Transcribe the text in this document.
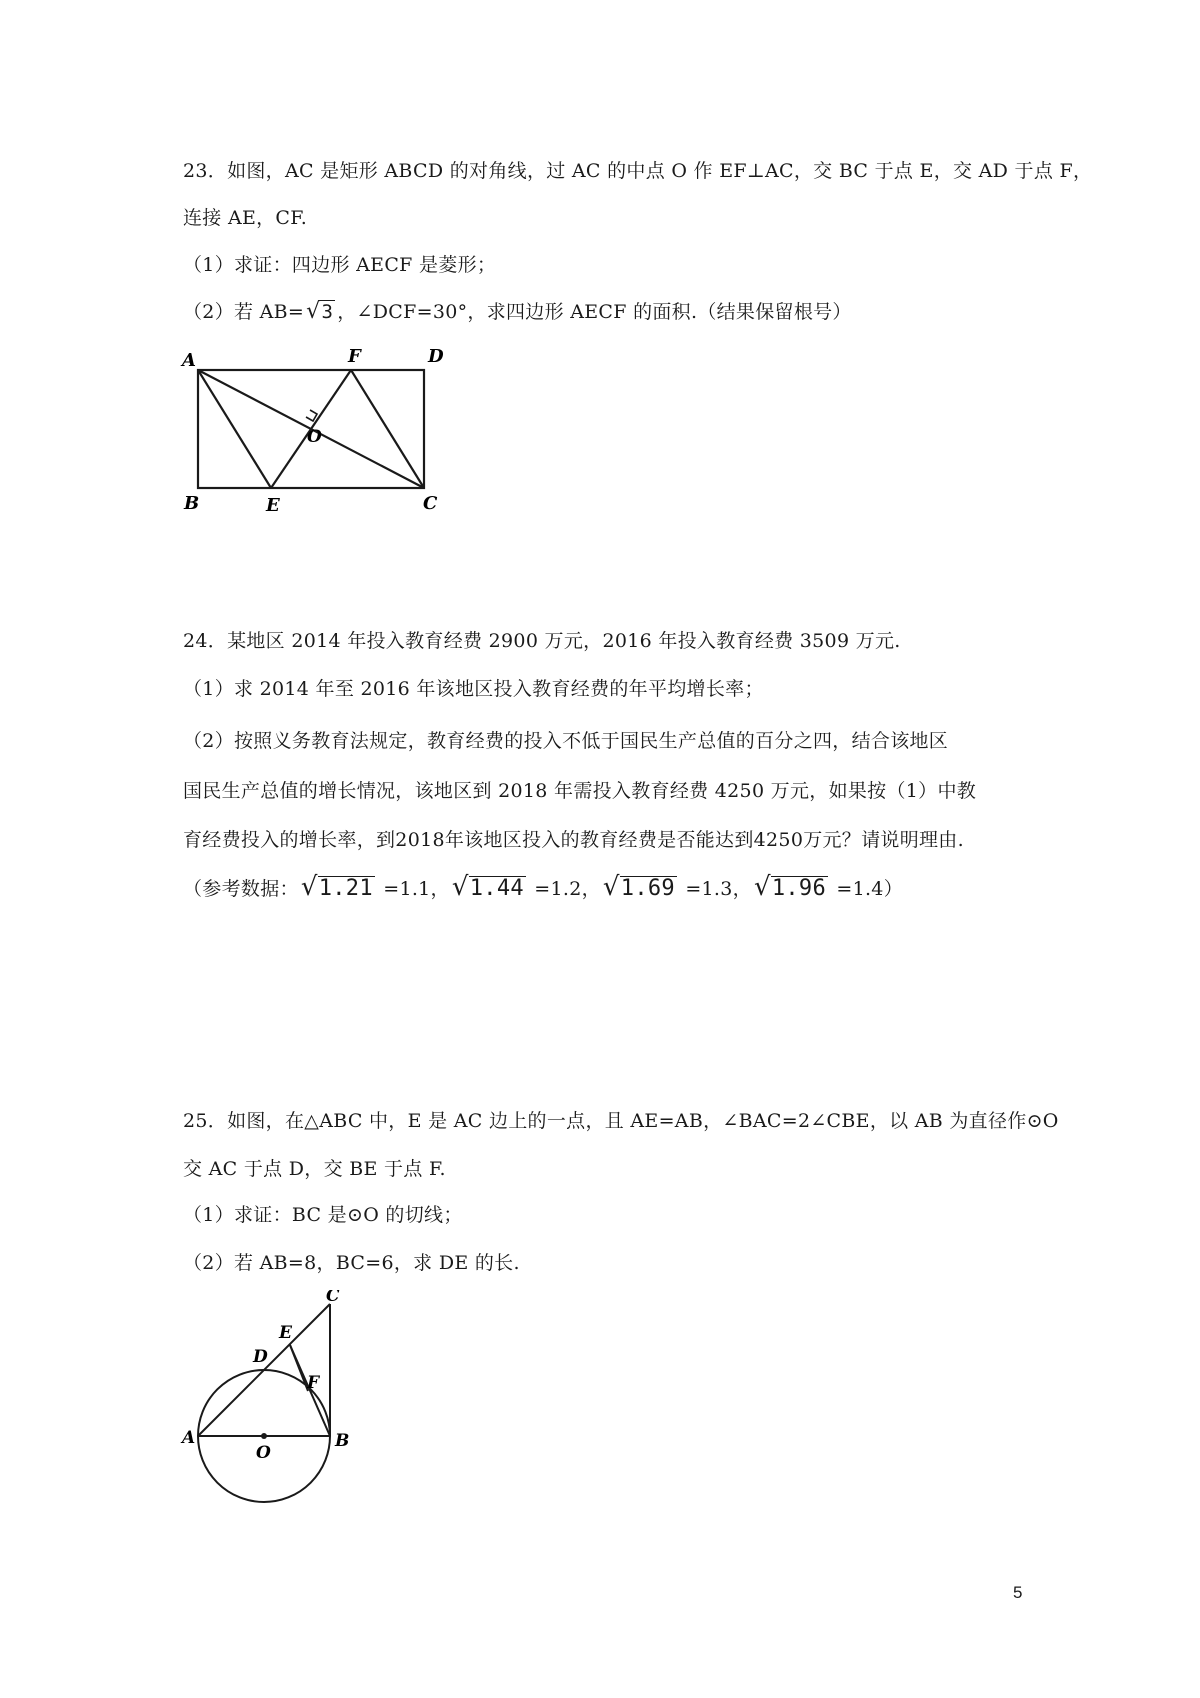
23．如图，AC 是矩形 ABCD 的对角线，过 AC 的中点 O 作 EF⊥AC，交 BC 于点 E，交 AD 于点 F，
连接 AE，CF.
（1）求证：四边形 AECF 是菱形；
（2）若 AB=√3 ，∠DCF=30°，求四边形 AECF 的面积.（结果保留根号）
A	F	D
O
B	E	C
24．某地区 2014 年投入教育经费 2900 万元，2016 年投入教育经费 3509 万元.
（1）求 2014 年至 2016 年该地区投入教育经费的年平均增长率；
（2）按照义务教育法规定，教育经费的投入不低于国民生产总值的百分之四，结合该地区
国民生产总值的增长情况，该地区到 2018 年需投入教育经费 4250 万元，如果按（1）中教
育经费投入的增长率，到2018年该地区投入的教育经费是否能达到4250万元？请说明理由.
（参考数据：√1.21 =1.1，√1.44 =1.2，√1.69 =1.3，√1.96 =1.4）
25．如图，在△ABC 中，E 是 AC 边上的一点，且 AE=AB，∠BAC=2∠CBE，以 AB 为直径作⊙O
交 AC 于点 D，交 BE 于点 F.
（1）求证：BC 是⊙O 的切线；
（2）若 AB=8，BC=6，求 DE 的长.
C
E
D
F
A
O
B
5
